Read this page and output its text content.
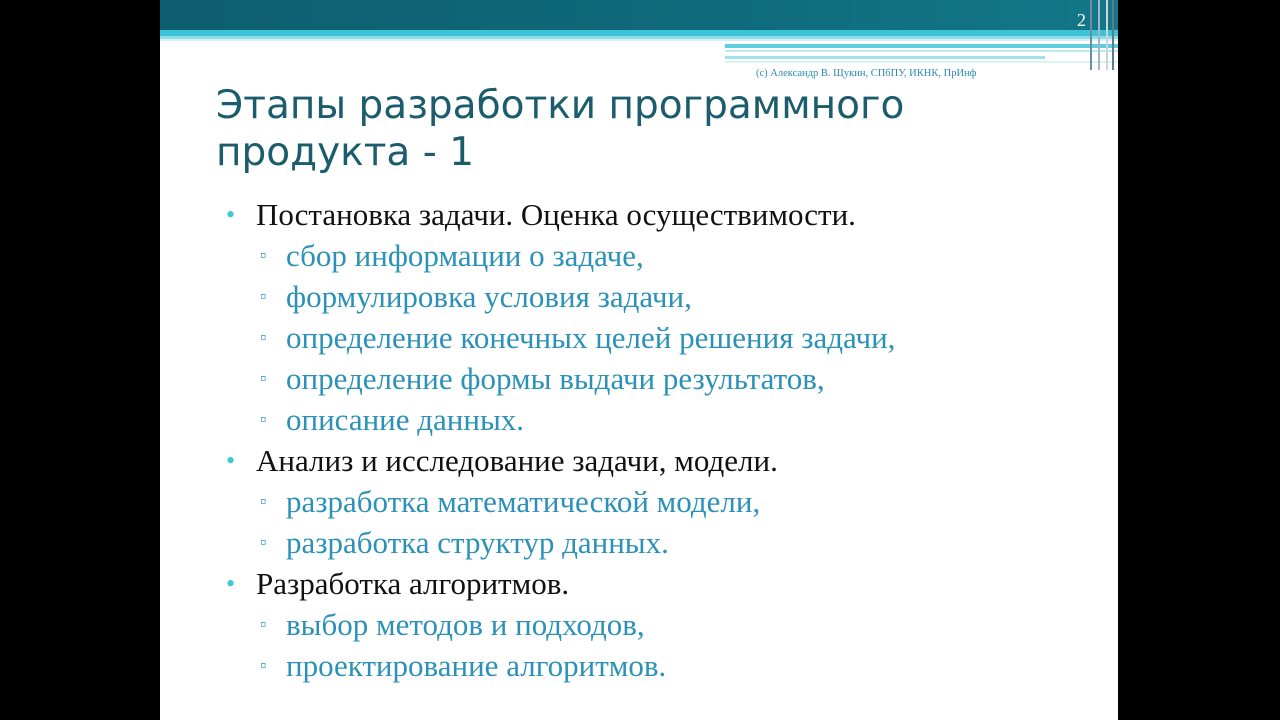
2
(c) Александр В. Щукин, СПбПУ, ИКНК, ПрИнф
Этапы разработки программного
продукта - 1
• Постановка задачи. Оценка осуществимости.
▫ сбор информации о задаче,
▫ формулировка условия задачи,
▫ определение конечных целей решения задачи,
▫ определение формы выдачи результатов,
▫ описание данных.
• Анализ и исследование задачи, модели.
▫ разработка математической модели,
▫ разработка структур данных.
• Разработка алгоритмов.
▫ выбор методов и подходов,
▫ проектирование алгоритмов.
